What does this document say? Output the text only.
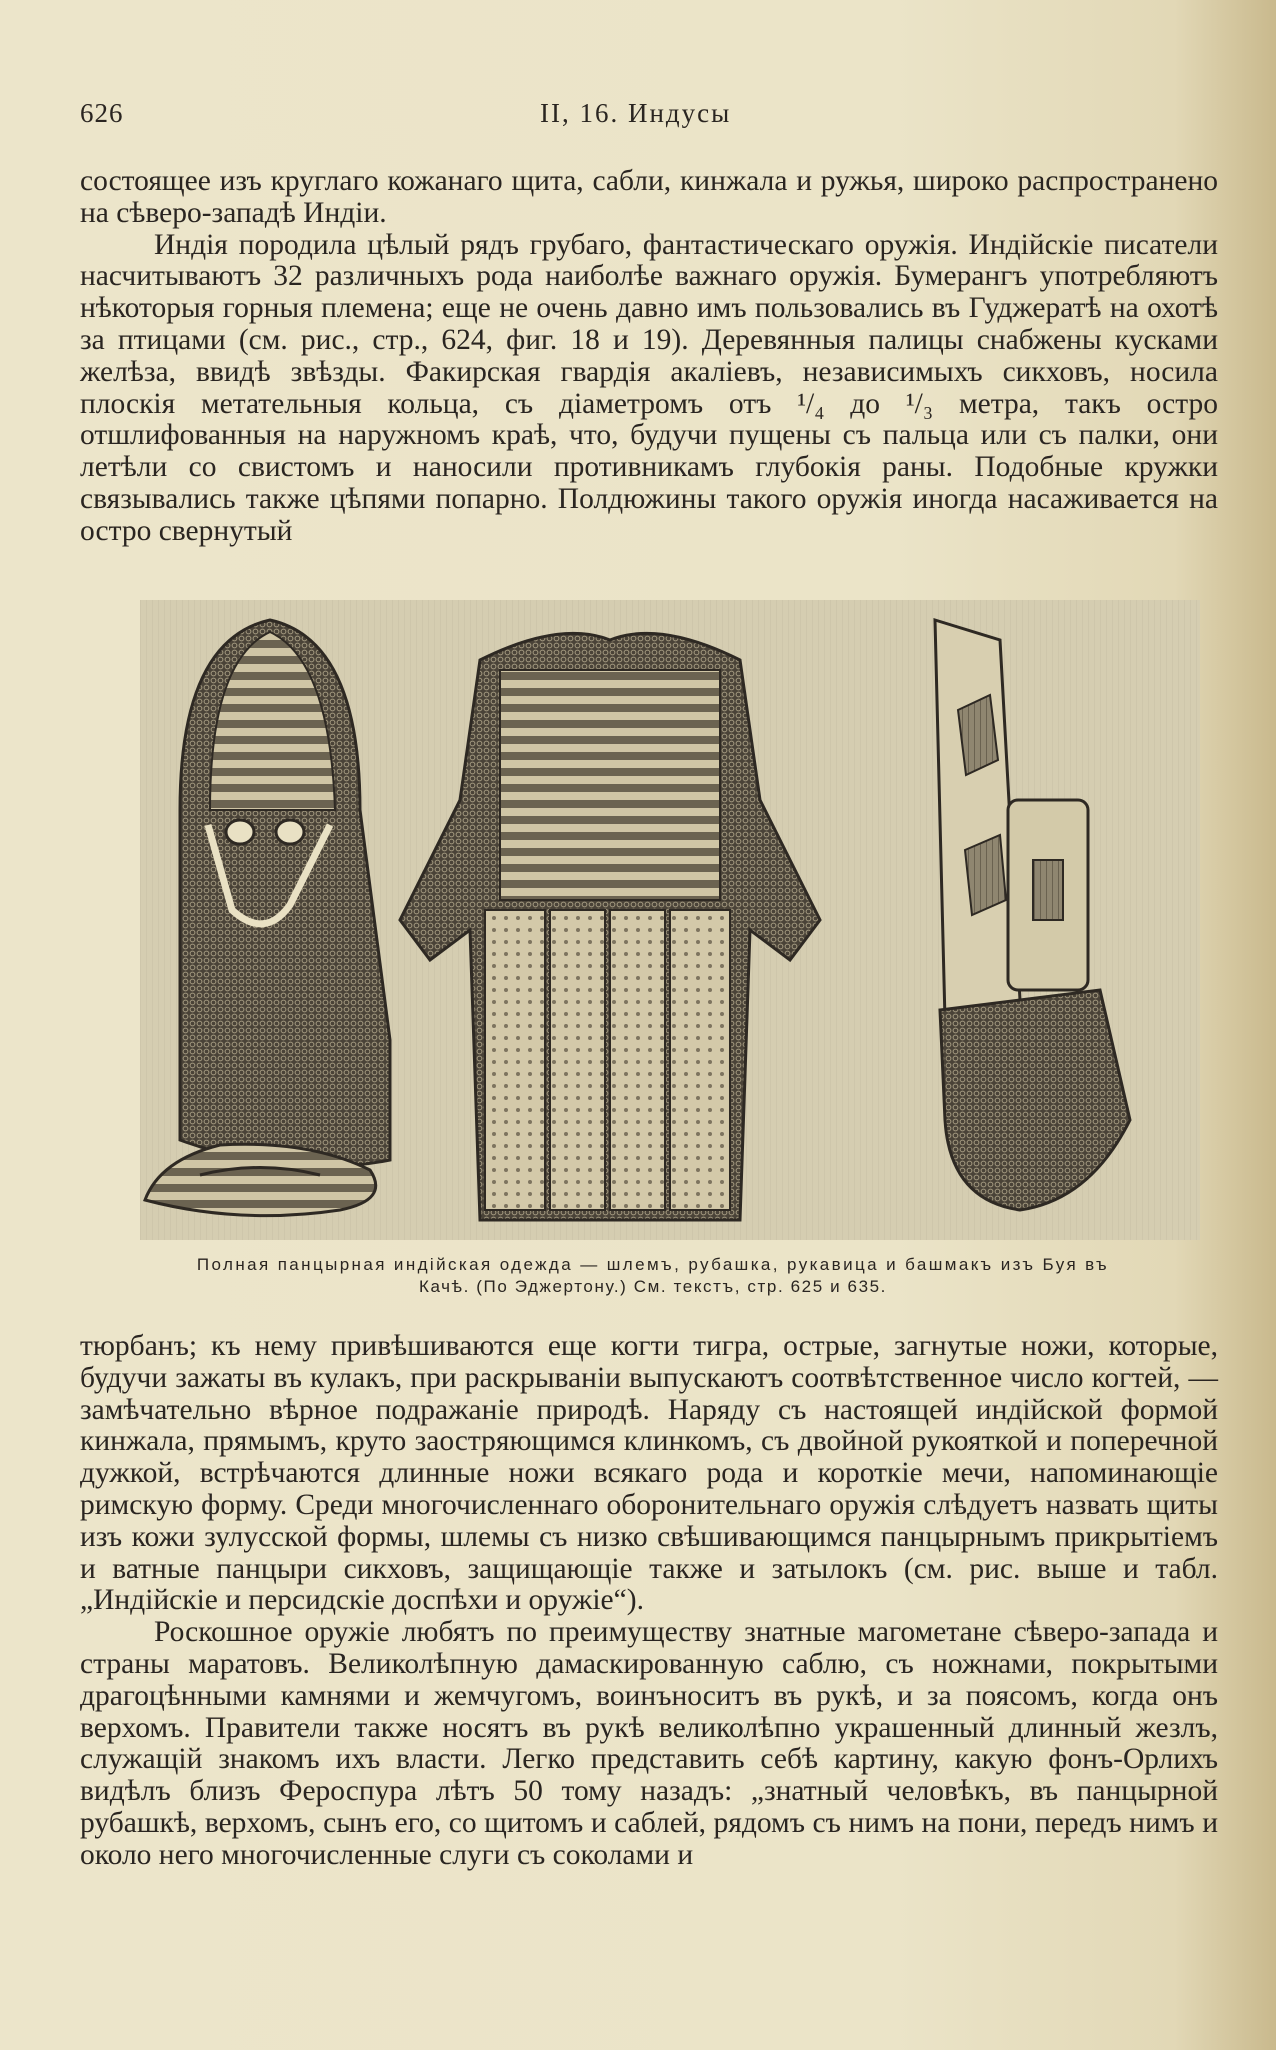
626	II, 16. Индусы

состоящее изъ круглаго кожанаго щита, сабли, кинжала и ружья, широко распространено на сѣверо-западѣ Индіи.

Индія породила цѣлый рядъ грубаго, фантастическаго оружія. Индійскіе писатели насчитываютъ 32 различныхъ рода наиболѣе важнаго оружія. Бумерангъ употребляютъ нѣкоторыя горныя племена; еще не очень давно имъ пользовались въ Гуджератѣ на охотѣ за птицами (см. рис., стр., 624, фиг. 18 и 19). Деревянныя палицы снабжены кусками желѣза, ввидѣ звѣзды. Факирская гвардія акаліевъ, независимыхъ сикховъ, носила плоскія метательныя кольца, съ діаметромъ отъ ¹/₄ до ¹/₃ метра, такъ остро отшлифованныя на наружномъ краѣ, что, будучи пущены съ пальца или съ палки, они летѣли со свистомъ и наносили противникамъ глубокія раны. Подобные кружки связывались также цѣпями попарно. Полдюжины такого оружія иногда насаживается на остро свернутый

Полная панцырная индійская одежда — шлемъ, рубашка, рукавица и башмакъ изъ Буя въ
Качѣ. (По Эджертону.) См. текстъ, стр. 625 и 635.

тюрбанъ; къ нему привѣшиваются еще когти тигра, острые, загнутые ножи, которые, будучи зажаты въ кулакъ, при раскрываніи выпускаютъ соотвѣтственное число когтей, — замѣчательно вѣрное подражаніе природѣ. Наряду съ настоящей индійской формой кинжала, прямымъ, круто заостряющимся клинкомъ, съ двойной рукояткой и поперечной дужкой, встрѣчаются длинные ножи всякаго рода и короткіе мечи, напоминающіе римскую форму. Среди многочисленнаго оборонительнаго оружія слѣдуетъ назвать щиты изъ кожи зулусской формы, шлемы съ низко свѣшивающимся панцырнымъ прикрытіемъ и ватные панцыри сикховъ, защищающіе также и затылокъ (см. рис. выше и табл. „Индійскіе и персидскіе доспѣхи и оружіе“).

Роскошное оружіе любятъ по преимуществу знатные магометане сѣверо-запада и страны маратовъ. Великолѣпную дамаскированную саблю, съ ножнами, покрытыми драгоцѣнными камнями и жемчугомъ, воинъноситъ въ рукѣ, и за поясомъ, когда онъ верхомъ. Правители также носятъ въ рукѣ великолѣпно украшенный длинный жезлъ, служащій знакомъ ихъ власти. Легко представить себѣ картину, какую фонъ-Орлихъ видѣлъ близъ Фероспура лѣтъ 50 тому назадъ: „знатный человѣкъ, въ панцырной рубашкѣ, верхомъ, сынъ его, со щитомъ и саблей, рядомъ съ нимъ на пони, передъ нимъ и около него многочисленные слуги съ соколами и
